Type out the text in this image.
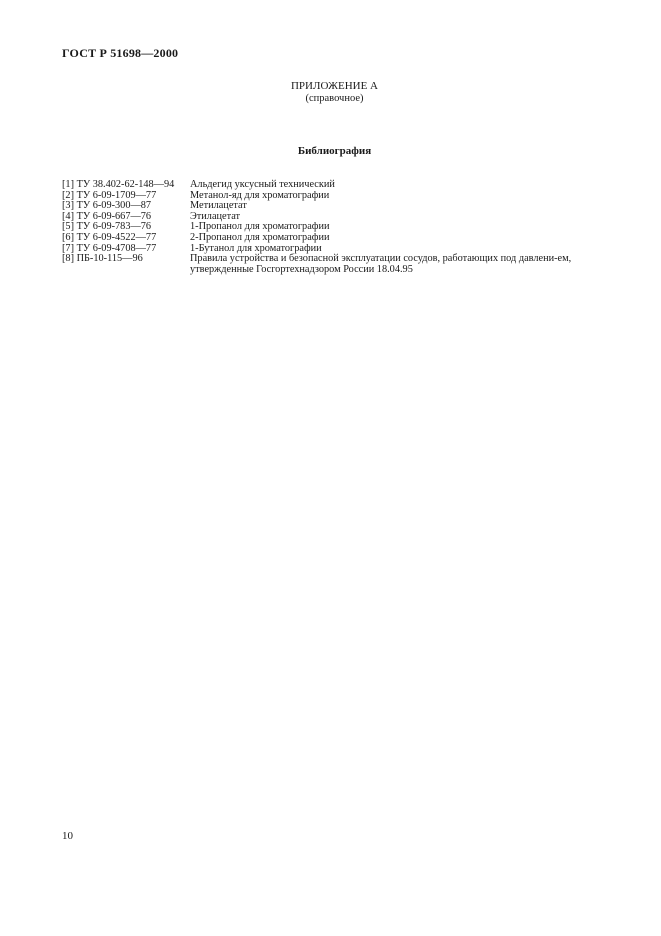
ГОСТ Р 51698—2000
ПРИЛОЖЕНИЕ А
(справочное)
Библиография
[1] ТУ 38.402-62-148—94	Альдегид уксусный технический
[2] ТУ 6-09-1709—77	Метанол-яд для хроматографии
[3] ТУ 6-09-300—87	Метилацетат
[4] ТУ 6-09-667—76	Этилацетат
[5] ТУ 6-09-783—76	1-Пропанол для хроматографии
[6] ТУ 6-09-4522—77	2-Пропанол для хроматографии
[7] ТУ 6-09-4708—77	1-Бутанол для хроматографии
[8] ПБ-10-115—96	Правила устройства и безопасной эксплуатации сосудов, работающих под давлени-ем, утвержденные Госгортехнадзором России 18.04.95
10
